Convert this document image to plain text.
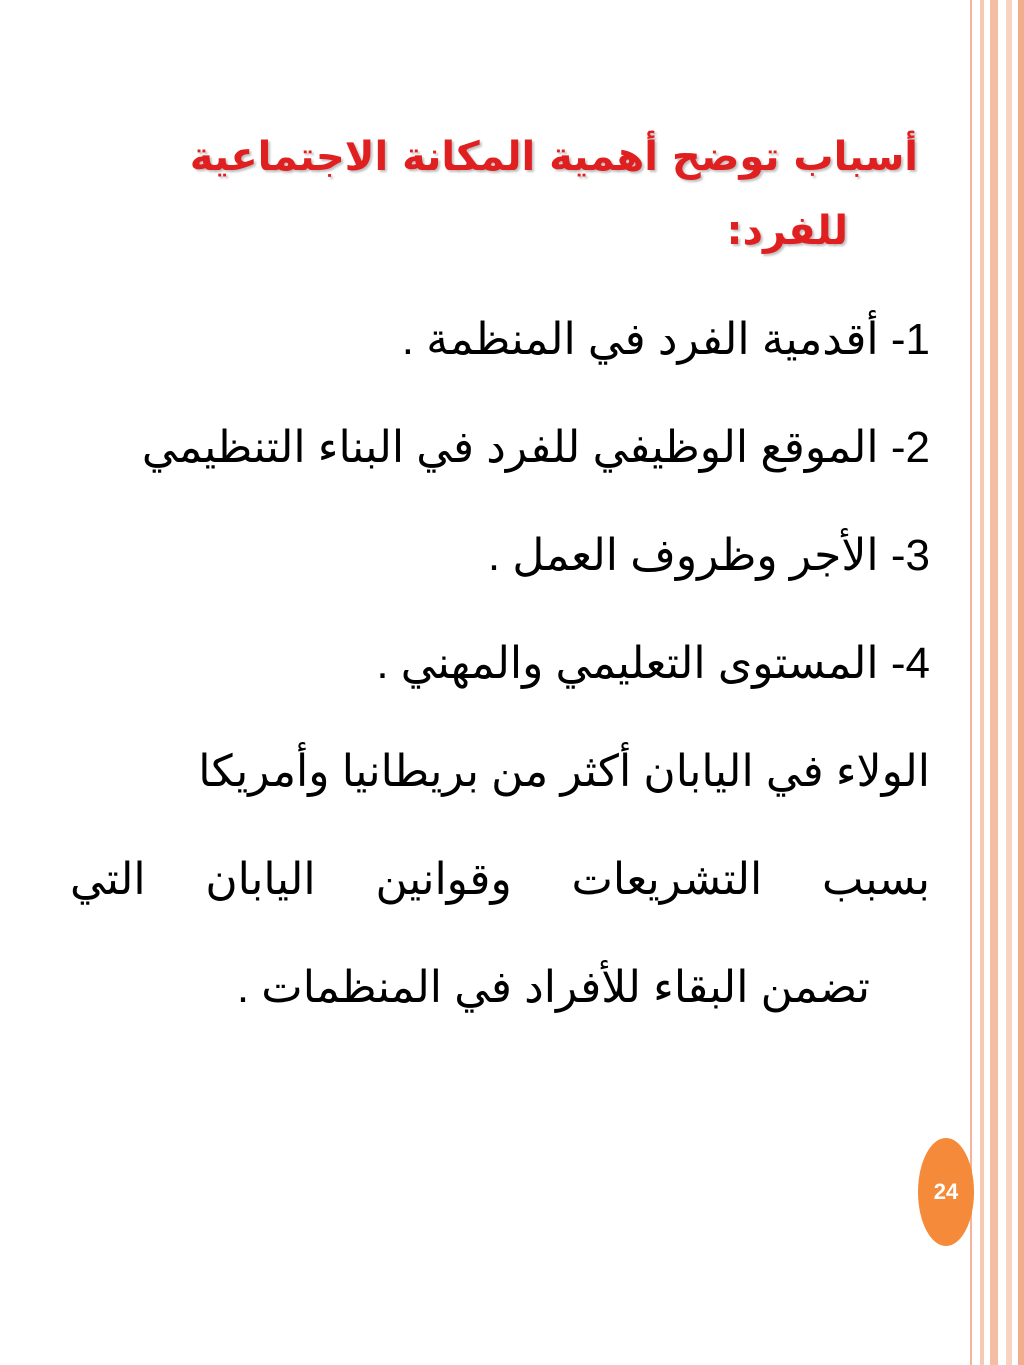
أسباب توضح أهمية المكانة الاجتماعية
للفرد:

1- أقدمية الفرد في المنظمة .

2- الموقع الوظيفي للفرد في البناء التنظيمي

3- الأجر وظروف العمل .

4- المستوى التعليمي والمهني .

الولاء في اليابان أكثر من بريطانيا وأمريكا
بسبب التشريعات وقوانين اليابان التي
تضمن البقاء للأفراد في المنظمات .

24
